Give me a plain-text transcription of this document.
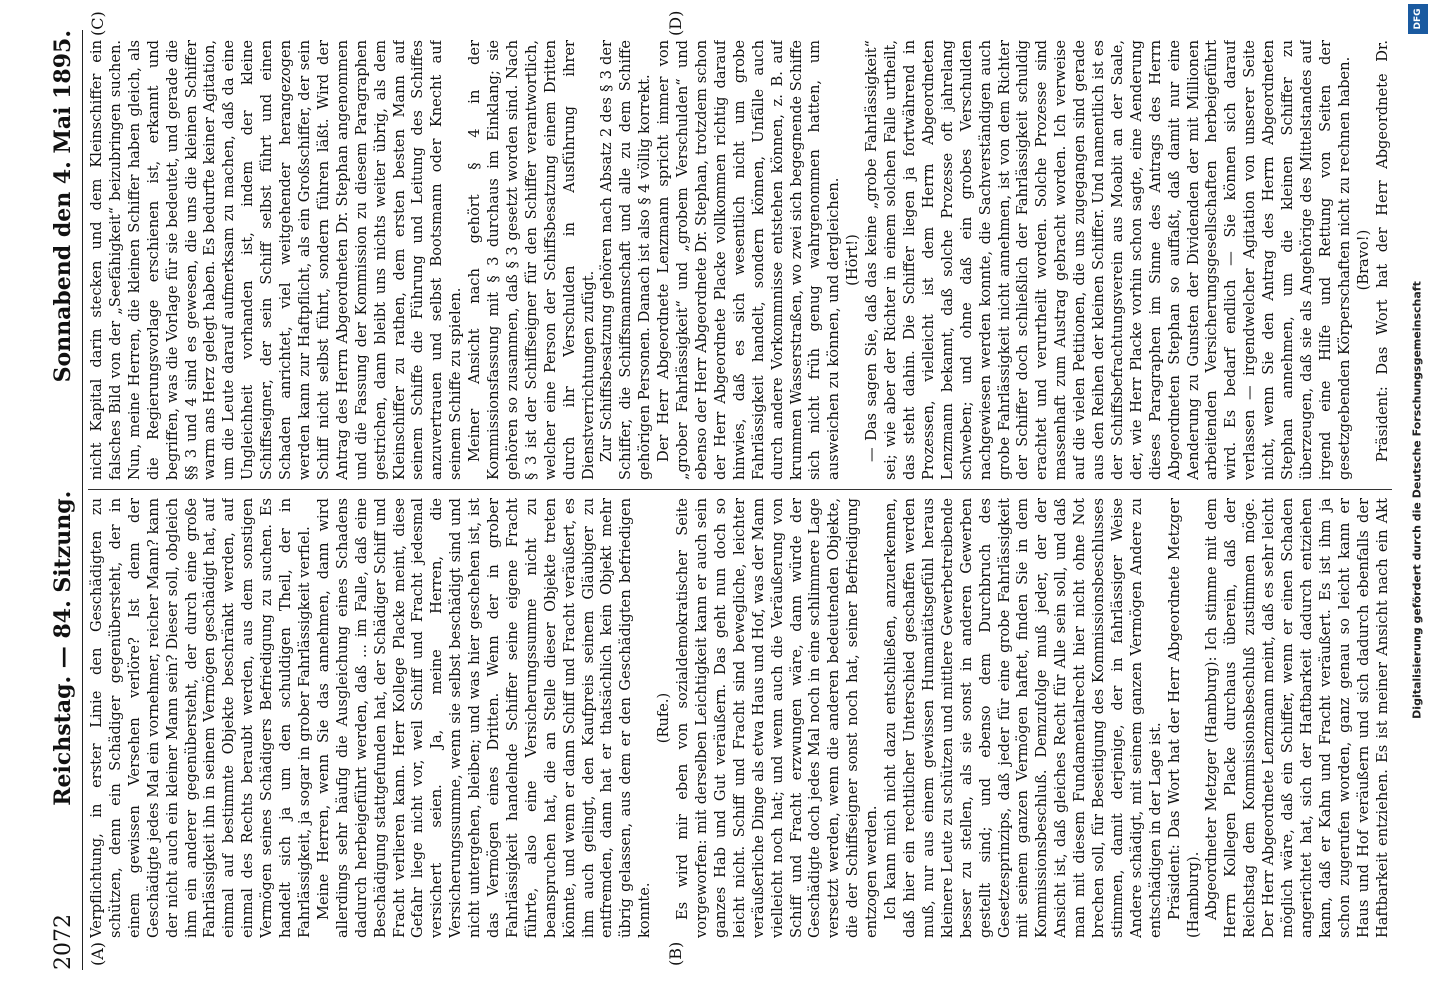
2072
Reichstag. — 84. Sitzung.
Sonnabend den 4. Mai 1895.
(A)	(B)
(C)	(D)

Verpflichtung, in erster Linie den Geschädigten zu schützen, denn ein Schädiger gegenübersteht, der in einem gewissen Versehen verlöre? Ist denn der Geschädigte jedes Mal ein vornehmer, reicher Mann? kann der nicht auch ein kleiner Mann sein? Dieser soll, obgleich ihm ein anderer gegenübersteht, der durch eine große Fahrlässigkeit ihn in seinem Vermögen geschädigt hat, auf einmal auf bestimmte Objekte beschränkt werden, auf einmal des Rechts beraubt werden, aus dem sonstigen Vermögen seines Schädigers Befriedigung zu suchen. Es handelt sich ja um den schuldigen Theil, der in Fahrlässigkeit, ja sogar in grober Fahrlässigkeit verfiel. Meine Herren, wenn Sie das annehmen, dann wird allerdings sehr häufig die Ausgleichung eines Schadens dadurch herbeigeführt werden, daß ... im Falle, daß eine Beschädigung stattgefunden hat, der Schädiger Schiff und Fracht verlieren kann. Herr Kollege Placke meint, diese Gefahr liege nicht vor, weil Schiff und Fracht jedesmal versichert seien. Ja, meine Herren, die Versicherungssumme, wenn sie selbst beschädigt sind und nicht untergehen, bleiben; und was hier geschehen ist, ist das Vermögen eines Dritten. Wenn der in grober Fahrlässigkeit handelnde Schiffer seine eigene Fracht führte, also eine Versicherungssumme nicht zu beanspruchen hat, die an Stelle dieser Objekte treten könnte, und wenn er dann Schiff und Fracht veräußert, es ihm auch gelingt, den Kaufpreis seinem Gläubiger zu entfremden, dann hat er thatsächlich kein Objekt mehr übrig gelassen, aus dem er den Geschädigten befriedigen konnte.

(Rufe.) Es wird mir eben von sozialdemokratischer Seite vorgeworfen: mit derselben Leichtigkeit kann er auch sein ganzes Hab und Gut veräußern. Das geht nun doch so leicht nicht. Schiff und Fracht sind bewegliche, leichter veräußerliche Dinge als etwa Haus und Hof, was der Mann vielleicht noch hat; und wenn auch die Veräußerung von Schiff und Fracht erzwungen wäre, dann würde der Geschädigte doch jedes Mal noch in eine schlimmere Lage versetzt werden, wenn die anderen bedeutenden Objekte, die der Schiffseigner sonst noch hat, seiner Befriedigung entzogen werden. Ich kann mich nicht dazu entschließen, anzuerkennen, daß hier ein rechtlicher Unterschied geschaffen werden muß, nur aus einem gewissen Humanitätsgefühl heraus kleinere Leute zu schützen und mittlere Gewerbetreibende besser zu stellen, als sie sonst in anderen Gewerben gestellt sind; und ebenso dem Durchbruch des Gesetzesprinzips, daß jeder für eine grobe Fahrlässigkeit mit seinem ganzen Vermögen haftet, finden Sie in dem Kommissionsbeschluß. Demzufolge muß jeder, der der Ansicht ist, daß gleiches Recht für Alle sein soll, und daß man mit diesem Fundamentalrecht hier nicht ohne Not brechen soll, für Beseitigung des Kommissionsbeschlusses stimmen, damit derjenige, der in fahrlässiger Weise Andere schädigt, mit seinem ganzen Vermögen Andere zu entschädigen in der Lage ist. Präsident: Das Wort hat der Herr Abgeordnete Metzger (Hamburg). Abgeordneter Metzger (Hamburg): Ich stimme mit dem Herrn Kollegen Placke durchaus überein, daß der Reichstag dem Kommissionsbeschluß zustimmen möge. Der Herr Abgeordnete Lenzmann meint, daß es sehr leicht möglich wäre, daß ein Schiffer, wenn er einen Schaden angerichtet hat, sich der Haftbarkeit dadurch entziehen kann, daß er Kahn und Fracht veräußert. Es ist ihm ja schon zugerufen worden, ganz genau so leicht kann er Haus und Hof veräußern und sich dadurch ebenfalls der Haftbarkeit entziehen. Es ist meiner Ansicht nach ein Akt

nicht Kapital darin stecken und dem Kleinschiffer ein falsches Bild von der „Seefähigkeit“ beizubringen suchen. Nun, meine Herren, die kleinen Schiffer haben gleich, als die Regierungsvorlage erschienen ist, erkannt und begriffen, was die Vorlage für sie bedeutet, und gerade die §§ 3 und 4 sind es gewesen, die uns die kleinen Schiffer warm ans Herz gelegt haben. Es bedurfte keiner Agitation, um die Leute darauf aufmerksam zu machen, daß da eine Ungleichheit vorhanden ist, indem der kleine Schiffseigner, der sein Schiff selbst führt und einen Schaden anrichtet, viel weitgehender herangezogen werden kann zur Haftpflicht, als ein Großschiffer, der sein Schiff nicht selbst führt, sondern führen läßt. Wird der Antrag des Herrn Abgeordneten Dr. Stephan angenommen und die Fassung der Kommission zu diesem Paragraphen gestrichen, dann bleibt uns nichts weiter übrig, als dem Kleinschiffer zu rathen, dem ersten besten Mann auf seinem Schiffe die Führung und Leitung des Schiffes anzuvertrauen und selbst Bootsmann oder Knecht auf seinem Schiffe zu spielen. Meiner Ansicht nach gehört § 4 in der Kommissionsfassung mit § 3 durchaus im Einklang; sie gehören so zusammen, daß § 3 gesetzt worden sind. Nach § 3 ist der Schiffseigner für den Schiffer verantwortlich, welcher eine Person der Schiffsbesatzung einem Dritten durch ihr Verschulden in Ausführung ihrer Dienstverrichtungen zufügt. Zur Schiffsbesatzung gehören nach Absatz 2 des § 3 der Schiffer, die Schiffsmannschaft und alle zu dem Schiffe gehörigen Personen. Danach ist also § 4 völlig korrekt. Der Herr Abgeordnete Lenzmann spricht immer von „grober Fahrlässigkeit“ und „grobem Verschulden“ und ebenso der Herr Abgeordnete Dr. Stephan, trotzdem schon der Herr Abgeordnete Placke vollkommen richtig darauf hinwies, daß es sich wesentlich nicht um grobe Fahrlässigkeit handelt, sondern können, Unfälle auch durch andere Vorkommnisse entstehen können, z. B. auf krummen Wasserstraßen, wo zwei sich begegnende Schiffe sich nicht früh genug wahrgenommen hatten, um ausweichen zu können, und dergleichen. (Hört!) — Das sagen Sie, daß das keine „grobe Fahrlässigkeit“ sei; wie aber der Richter in einem solchen Falle urtheilt, das steht dahin. Die Schiffer liegen ja fortwährend in Prozessen, vielleicht ist dem Herrn Abgeordneten Lenzmann bekannt, daß solche Prozesse oft jahrelang schweben; und ohne daß ein grobes Verschulden nachgewiesen werden konnte, die Sachverständigen auch grobe Fahrlässigkeit nicht annehmen, ist von dem Richter der Schiffer doch schließlich der Fahrlässigkeit schuldig erachtet und verurtheilt worden. Solche Prozesse sind massenhaft zum Austrag gebracht worden. Ich verweise auf die vielen Petitionen, die uns zugegangen sind gerade aus den Reihen der kleinen Schiffer. Und namentlich ist es der Schiffsbefrachtungsverein aus Moabit an der Saale, der, wie Herr Placke vorhin schon sagte, eine Aenderung dieses Paragraphen im Sinne des Antrags des Herrn Abgeordneten Stephan so auffaßt, daß damit nur eine Aenderung zu Gunsten der Dividenden der mit Millionen arbeitenden Versicherungsgesellschaften herbeigeführt wird. Es bedarf endlich — Sie können sich darauf verlassen — irgendwelcher Agitation von unserer Seite nicht, wenn Sie den Antrag des Herrn Abgeordneten Stephan annehmen, um die kleinen Schiffer zu überzeugen, daß sie als Angehörige des Mittelstandes auf irgend eine Hilfe und Rettung von Seiten der gesetzgebenden Körperschaften nicht zu rechnen haben. (Bravo!)

Präsident: Das Wort hat der Herr Abgeordnete Dr.

DFG
Digitalisierung gefördert durch die Deutsche Forschungsgemeinschaft
